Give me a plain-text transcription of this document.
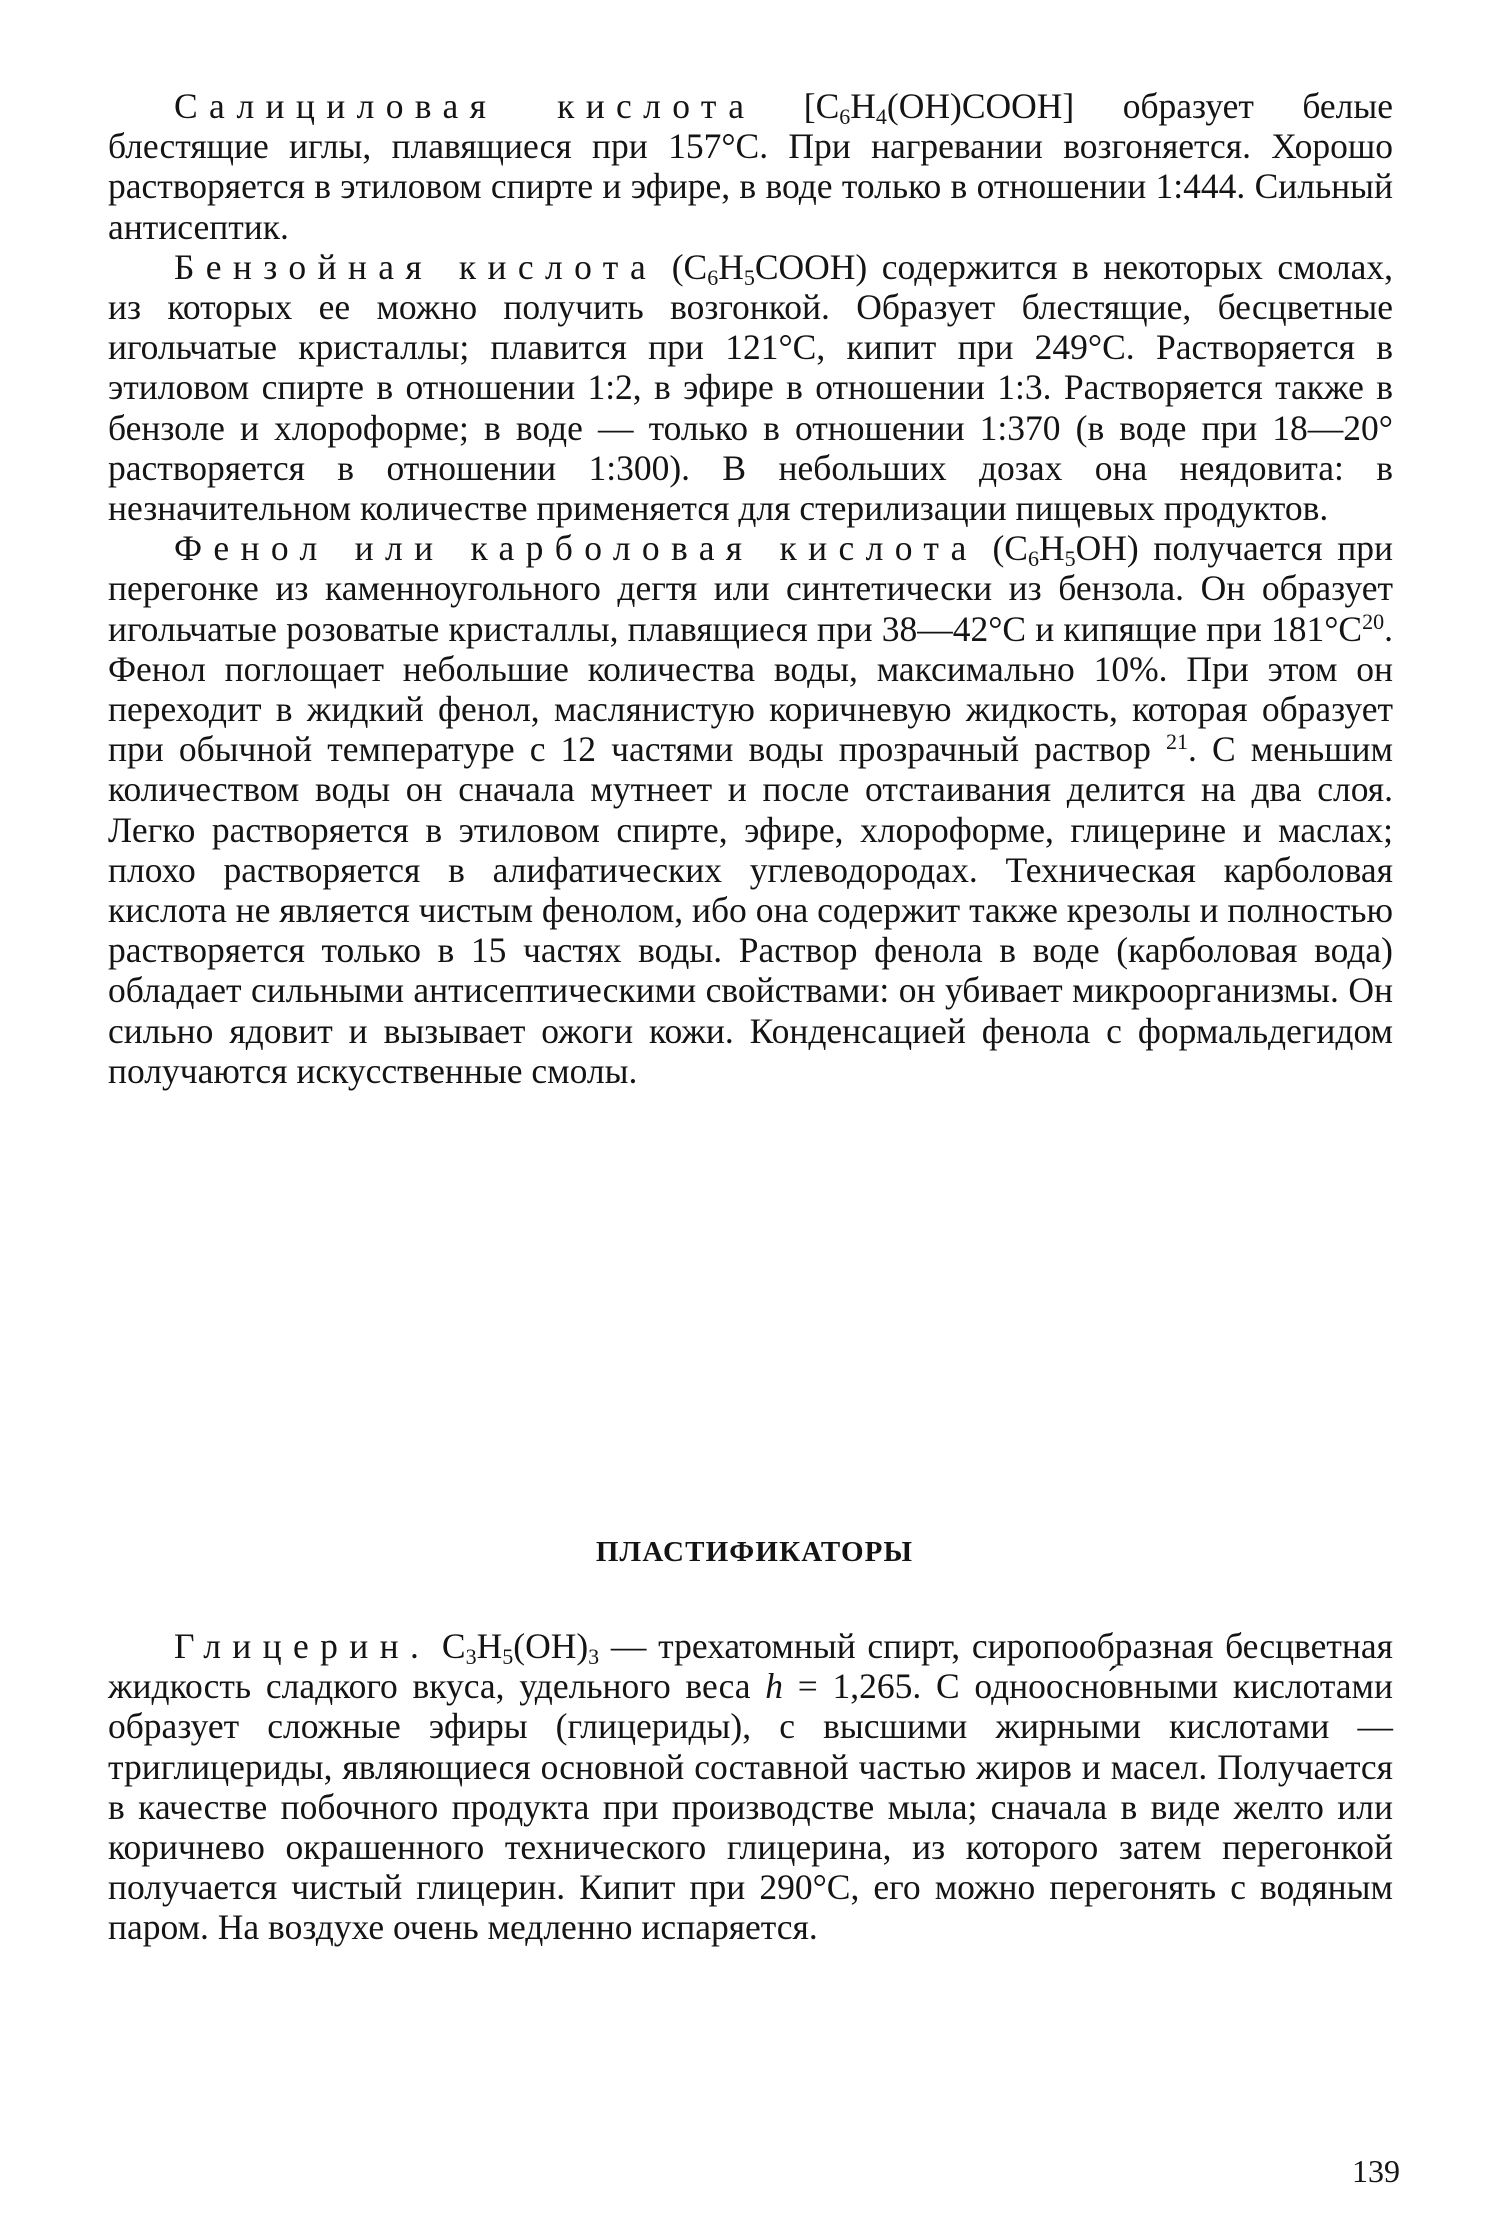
Салициловая кислота $[C_6H_4(OH)COOH]$ образует белые блестящие иглы, плавящиеся при 157°C. При нагревании возгоняется. Хорошо растворяется в этиловом спирте и эфире, в воде только в отношении 1:444. Сильный антисептик.

Бензойная кислота $(C_6H_5COOH)$ содержится в некоторых смолах, из которых ее можно получить возгонкой. Образует блестящие, бесцветные игольчатые кристаллы; плавится при 121°C, кипит при 249°C. Растворяется в этиловом спирте в отношении 1:2, в эфире в отношении 1:3. Растворяется также в бензоле и хлороформе; в воде — только в отношении 1:370 (в воде при 18—20° растворяется в отношении 1:300). В небольших дозах она неядовита: в незначительном количестве применяется для стерилизации пищевых продуктов.

Фенол или карболовая кислота $(C_6H_5OH)$ получается при перегонке из каменноугольного дегтя или синтетически из бензола. Он образует игольчатые розоватые кристаллы, плавящиеся при 38—42°C и кипящие при $181^\circ C^{20}$. Фенол поглощает небольшие количества воды, максимально 10%. При этом он переходит в жидкий фенол, маслянистую коричневую жидкость, которая образует при обычной температуре с 12 частями воды прозрачный раствор $^{21}$. С меньшим количеством воды он сначала мутнеет и после отстаивания делится на два слоя. Легко растворяется в этиловом спирте, эфире, хлороформе, глицерине и маслах; плохо растворяется в алифатических углеводородах. Техническая карболовая кислота не является чистым фенолом, ибо она содержит также крезолы и полностью растворяется только в 15 частях воды. Раствор фенола в воде (карболовая вода) обладает сильными антисептическими свойствами: он убивает микроорганизмы. Он сильно ядовит и вызывает ожоги кожи. Конденсацией фенола с формальдегидом получаются искусственные смолы.

ПЛАСТИФИКАТОРЫ

Глицерин. $C_3H_5(OH)_3$ — трехатомный спирт, сиропообразная бесцветная жидкость сладкого вкуса, удельного веса h = 1,265. С одноосно́вными кислотами образует сложные эфиры (глицериды), с высшими жирными кислотами — триглицериды, являющиеся основной составной частью жиров и масел. Получается в качестве побочного продукта при производстве мыла; сначала в виде желто или коричнево окрашенного технического глицерина, из которого затем перегонкой получается чистый глицерин. Кипит при 290°C, его можно перегонять с водяным паром. На воздухе очень медленно испаряется.

139
